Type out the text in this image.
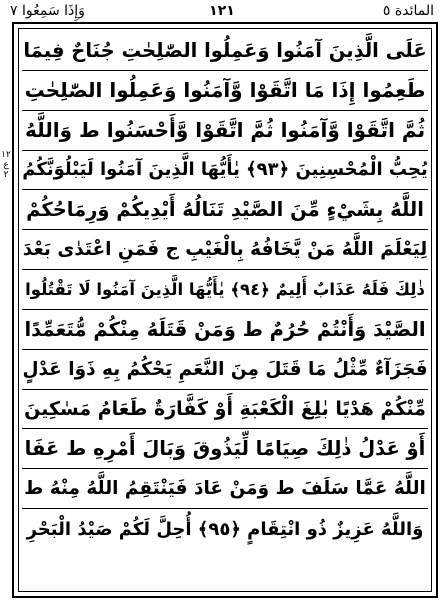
وَإِذَا سَمِعُوا ٧	١٢١	المائدة ٥
١٢
ع
٢
عَلَى الَّذِينَ آمَنُوا وَعَمِلُوا الصّٰلِحٰتِ جُنَاحٌ فِيمَا
طَعِمُوا إِذَا مَا اتَّقَوْا وَّآمَنُوا وَعَمِلُوا الصّٰلِحٰتِ
ثُمَّ اتَّقَوْا وَّآمَنُوا ثُمَّ اتَّقَوْا وَّأَحْسَنُوا ط وَاللَّهُ
يُحِبُّ الْمُحْسِنِينَ ﴿٩٣﴾ يٰأَيُّهَا الَّذِينَ آمَنُوا لَيَبْلُوَنَّكُمُ
اللَّهُ بِشَيْءٍ مِّنَ الصَّيْدِ تَنَالُهُ أَيْدِيكُمْ وَرِمَاحُكُمْ
لِيَعْلَمَ اللَّهُ مَنْ يَّخَافُهُ بِالْغَيْبِ ج فَمَنِ اعْتَدٰى بَعْدَ
ذٰلِكَ فَلَهُ عَذَابٌ أَلِيمٌ ﴿٩٤﴾ يٰأَيُّهَا الَّذِينَ آمَنُوا لَا تَقْتُلُوا
الصَّيْدَ وَأَنْتُمْ حُرُمٌ ط وَمَنْ قَتَلَهُ مِنْكُمْ مُّتَعَمِّدًا
فَجَزَآءٌ مِّثْلُ مَا قَتَلَ مِنَ النَّعَمِ يَحْكُمُ بِهِ ذَوَا عَدْلٍ
مِّنْكُمْ هَدْيًا بٰلِغَ الْكَعْبَةِ أَوْ كَفَّارَةٌ طَعَامُ مَسٰكِينَ
أَوْ عَدْلُ ذٰلِكَ صِيَامًا لِّيَذُوقَ وَبَالَ أَمْرِهِ ط عَفَا
اللَّهُ عَمَّا سَلَفَ ط وَمَنْ عَادَ فَيَنْتَقِمُ اللَّهُ مِنْهُ ط
وَاللَّهُ عَزِيزٌ ذُو انْتِقَامٍ ﴿٩٥﴾ أُحِلَّ لَكُمْ صَيْدُ الْبَحْرِ
